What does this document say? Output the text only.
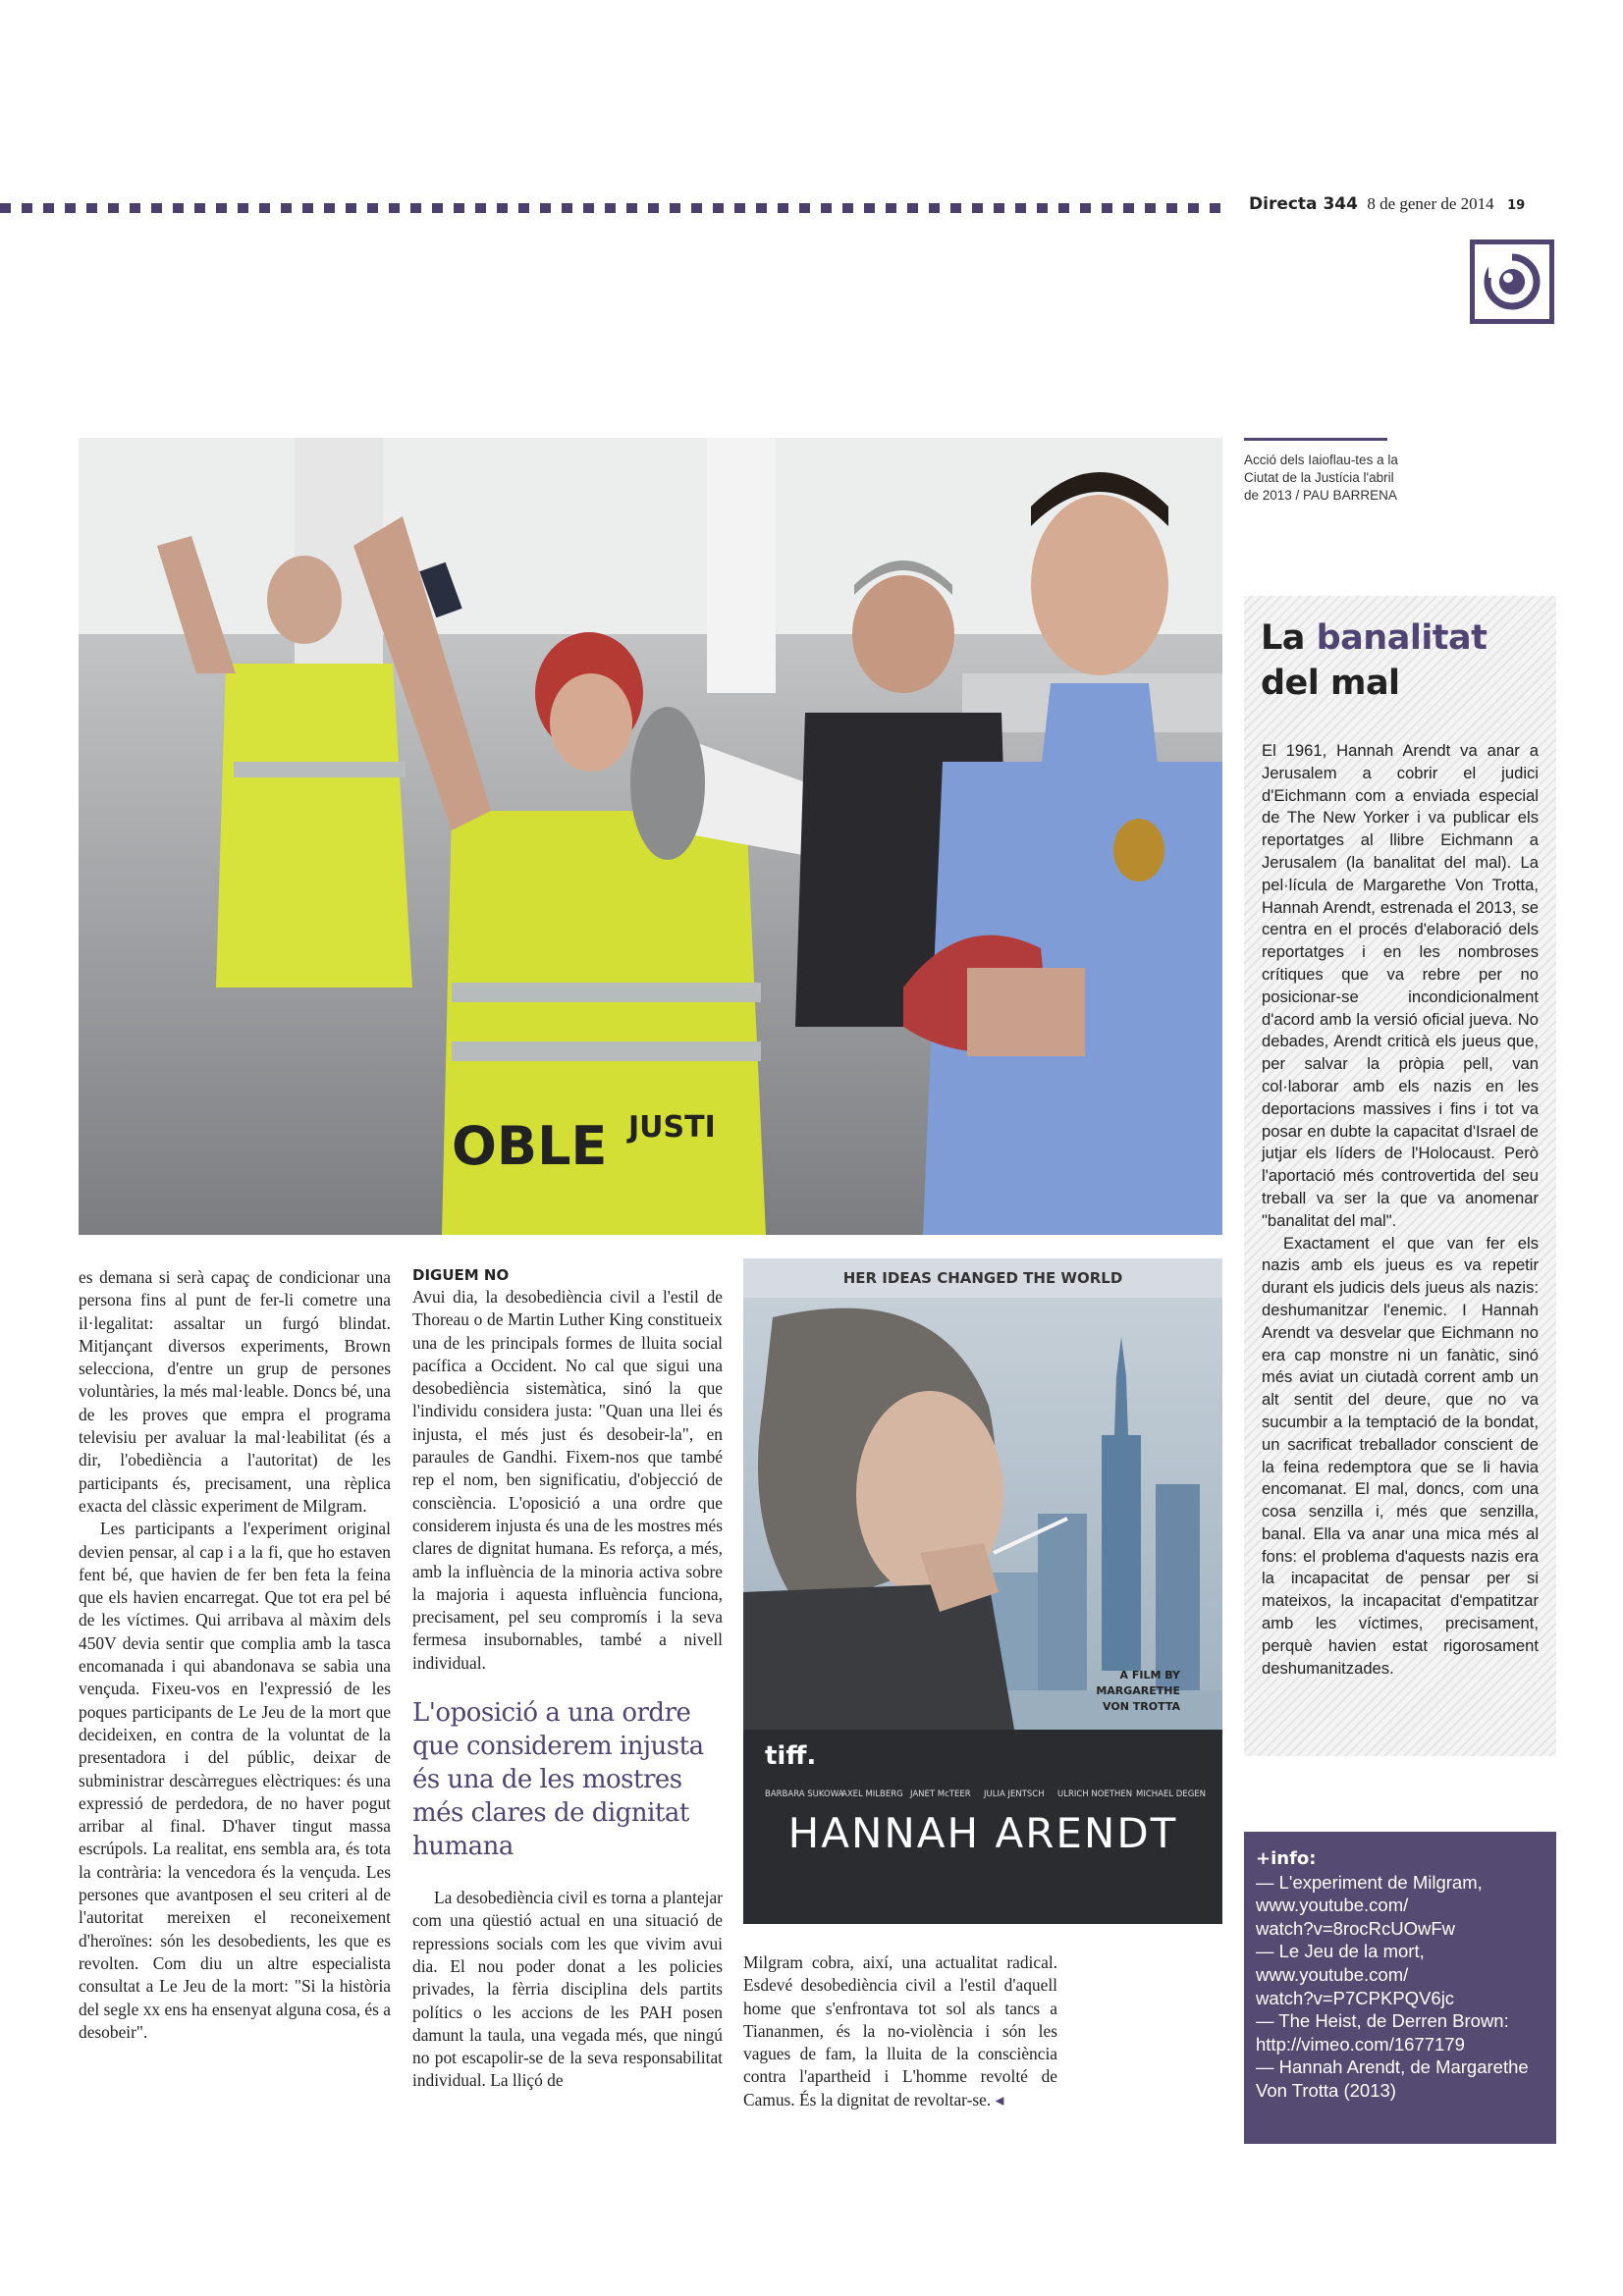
Directa 344 8 de gener de 2014 19
OBLE JUSTI
Acció dels Iaioflau-tes a la Ciutat de la Justícia l'abril de 2013 / PAU BARRENA
La banalitat
del mal

El 1961, Hannah Arendt va anar a Jerusalem a cobrir el judici d'Eichmann com a enviada especial de The New Yorker i va publicar els reportatges al llibre Eichmann a Jerusalem (la banalitat del mal). La pel·lícula de Margarethe Von Trotta, Hannah Arendt, estrenada el 2013, se centra en el procés d'elaboració dels reportatges i en les nombroses crítiques que va rebre per no posicionar-se incondicionalment d'acord amb la versió oficial jueva. No debades, Arendt criticà els jueus que, per salvar la pròpia pell, van col·laborar amb els nazis en les deportacions massives i fins i tot va posar en dubte la capacitat d'Israel de jutjar els líders de l'Holocaust. Però l'aportació més controvertida del seu treball va ser la que va anomenar "banalitat del mal".

Exactament el que van fer els nazis amb els jueus es va repetir durant els judicis dels jueus als nazis: deshumanitzar l'enemic. I Hannah Arendt va desvelar que Eichmann no era cap monstre ni un fanàtic, sinó més aviat un ciutadà corrent amb un alt sentit del deure, que no va sucumbir a la temptació de la bondat, un sacrificat treballador conscient de la feina redemptora que se li havia encomanat. El mal, doncs, com una cosa senzilla i, més que senzilla, banal. Ella va anar una mica més al fons: el problema d'aquests nazis era la incapacitat de pensar per si mateixos, la incapacitat d'empatitzar amb les víctimes, precisament, perquè havien estat rigorosament deshumanitzades.

+info:
— L'experiment de Milgram,
www.youtube.com/
watch?v=8rocRcUOwFw
— Le Jeu de la mort,
www.youtube.com/
watch?v=P7CPKPQV6jc
— The Heist, de Derren Brown:
http://vimeo.com/1677179
— Hannah Arendt, de Margarethe
Von Trotta (2013)

es demana si serà capaç de condicionar una persona fins al punt de fer-li cometre una il·legalitat: assaltar un furgó blindat. Mitjançant diversos experiments, Brown selecciona, d'entre un grup de persones voluntàries, la més mal·leable. Doncs bé, una de les proves que empra el programa televisiu per avaluar la mal·leabilitat (és a dir, l'obediència a l'autoritat) de les participants és, precisament, una rèplica exacta del clàssic experiment de Milgram.

Les participants a l'experiment original devien pensar, al cap i a la fi, que ho estaven fent bé, que havien de fer ben feta la feina que els havien encarregat. Que tot era pel bé de les víctimes. Qui arribava al màxim dels 450V devia sentir que complia amb la tasca encomanada i qui abandonava se sabia una vençuda. Fixeu-vos en l'expressió de les poques participants de Le Jeu de la mort que decideixen, en contra de la voluntat de la presentadora i del públic, deixar de subministrar descàrregues elèctriques: és una expressió de perdedora, de no haver pogut arribar al final. D'haver tingut massa escrúpols. La realitat, ens sembla ara, és tota la contrària: la vencedora és la vençuda. Les persones que avantposen el seu criteri al de l'autoritat mereixen el reconeixement d'heroïnes: són les desobedients, les que es revolten. Com diu un altre especialista consultat a Le Jeu de la mort: "Si la història del segle xx ens ha ensenyat alguna cosa, és a desobeir".

DIGUEM NO

Avui dia, la desobediència civil a l'estil de Thoreau o de Martin Luther King constitueix una de les principals formes de lluita social pacífica a Occident. No cal que sigui una desobediència sistemàtica, sinó la que l'individu considera justa: "Quan una llei és injusta, el més just és desobeir-la", en paraules de Gandhi. Fixem-nos que també rep el nom, ben significatiu, d'objecció de consciència. L'oposició a una ordre que considerem injusta és una de les mostres més clares de dignitat humana. Es reforça, a més, amb la influència de la minoria activa sobre la majoria i aquesta influència funciona, precisament, pel seu compromís i la seva fermesa insubornables, també a nivell individual.

L'oposició a una ordre que considerem injusta és una de les mostres més clares de dignitat humana

La desobediència civil es torna a plantejar com una qüestió actual en una situació de repressions socials com les que vivim avui dia. El nou poder donat a les policies privades, la fèrria disciplina dels partits polítics o les accions de les PAH posen damunt la taula, una vegada més, que ningú no pot escapolir-se de la seva responsabilitat individual. La lliçó de

Milgram cobra, així, una actualitat radical. Esdevé desobediència civil a l'estil d'aquell home que s'enfrontava tot sol als tancs a Tiananmen, és la no-violència i són les vagues de fam, la lluita de la consciència contra l'apartheid i L'homme revolté de Camus. És la dignitat de revoltar-se. ◂

HER IDEAS CHANGED THE WORLD
A FILM BY
MARGARETHE
VON TROTTA
tiff.
BARBARA SUKOWA
AXEL MILBERG JANET McTEER JULIA JENTSCH ULRICH NOETHEN MICHAEL DEGEN
HANNAH ARENDT
